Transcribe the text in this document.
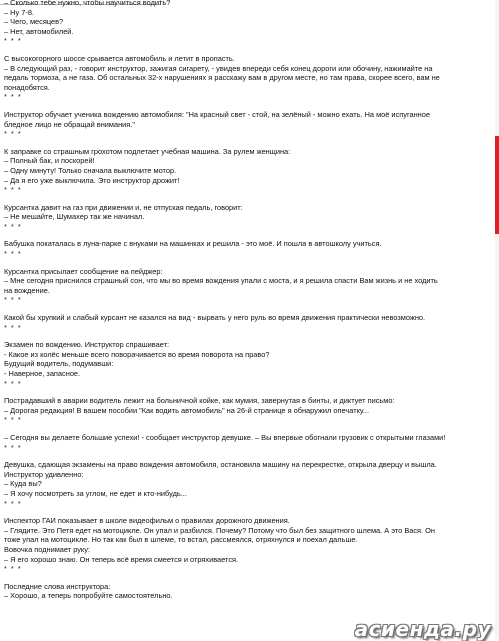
– Сколько тебе нужно, чтобы научиться водить?
– Ну 7-8.
– Чего, месяцев?
– Нет, автомобилей.
* * *
С высокогорного шоссе срывается автомобиль и летит в пропасть.
– В следующий раз, - говорит инструктор, зажигая сигарету, - увидев впереди себя конец дороги или обочину, нажимайте на
педаль тормоза, а не газа. Об остальных 32-х нарушениях я расскажу вам в другом месте, но там права, скорее всего, вам не
понадобятся.
* * *
Инструктор обучает ученика вождению автомобиля: "На красный свет - стой, на зелёный - можно ехать. На моё испуганное
бледное лицо не обращай внимания."
* * *
К заправке со страшным грохотом подлетает учебная машина. За рулем женщина:
– Полный бак, и поскорей!
– Одну минуту! Только сначала выключите мотор.
– Да я его уже выключила. Это инструктор дрожит!
* * *
Курсантка давит на газ при движении и, не отпуская педаль, говорит:
– Не мешайте, Шумахер так же начинал.
* * *
Бабушка покаталась в луна-парке с внуками на машинках и решила - это моё. И пошла в автошколу учиться.
* * *
Курсантка присылает сообщение на пейджер:
– Мне сегодня приснился страшный сон, что мы во время вождения упали с моста, и я решила спасти Вам жизнь и не ходить
на вождение.
* * *
Какой бы хрупкий и слабый курсант не казался на вид - вырвать у него руль во время движения практически невозможно.
* * *
Экзамен по вождению. Инструктор спрашивает:
- Какое из колёс меньше всего поворачивается во время поворота на право?
Будущий водитель, подумавши:
- Наверное, запасное.
* * *
Пострадавший в аварии водитель лежит на больничной койке, как мумия, завернутая в бинты, и диктует письмо:
– Дорогая редакция! В вашем пособии "Как водить автомобиль" на 26-й странице я обнаружил опечатку...
* * *
– Сегодня вы делаете большие успехи! - сообщает инструктор девушке. – Вы впервые обогнали грузовик с открытыми глазами!
* * *
Девушка, сдающая экзамены на право вождения автомобиля, остановила машину на перекрестке, открыла дверцу и вышла.
Инструктор удивленно:
– Куда вы?
– Я хочу посмотреть за углом, не едет и кто-нибудь...
* * *
Инспектор ГАИ показывает в школе видеофильм о правилах дорожного движения.
– Глядите. Это Петя едет на мотоцикле. Он упал и разбился. Почему? Потому что был без защитного шлема. А это Вася. Он
тоже упал на мотоцикле. Но так как был в шлеме, то встал, рассмеялся, отряхнулся и поехал дальше.
Вовочка поднимает руку:
– Я его хорошо знаю. Он теперь всё время смеется и отряхивается.
* * *
Последние слова инструктора:
– Хорошо, а теперь попробуйте самостоятельно.
асиенда.ру
